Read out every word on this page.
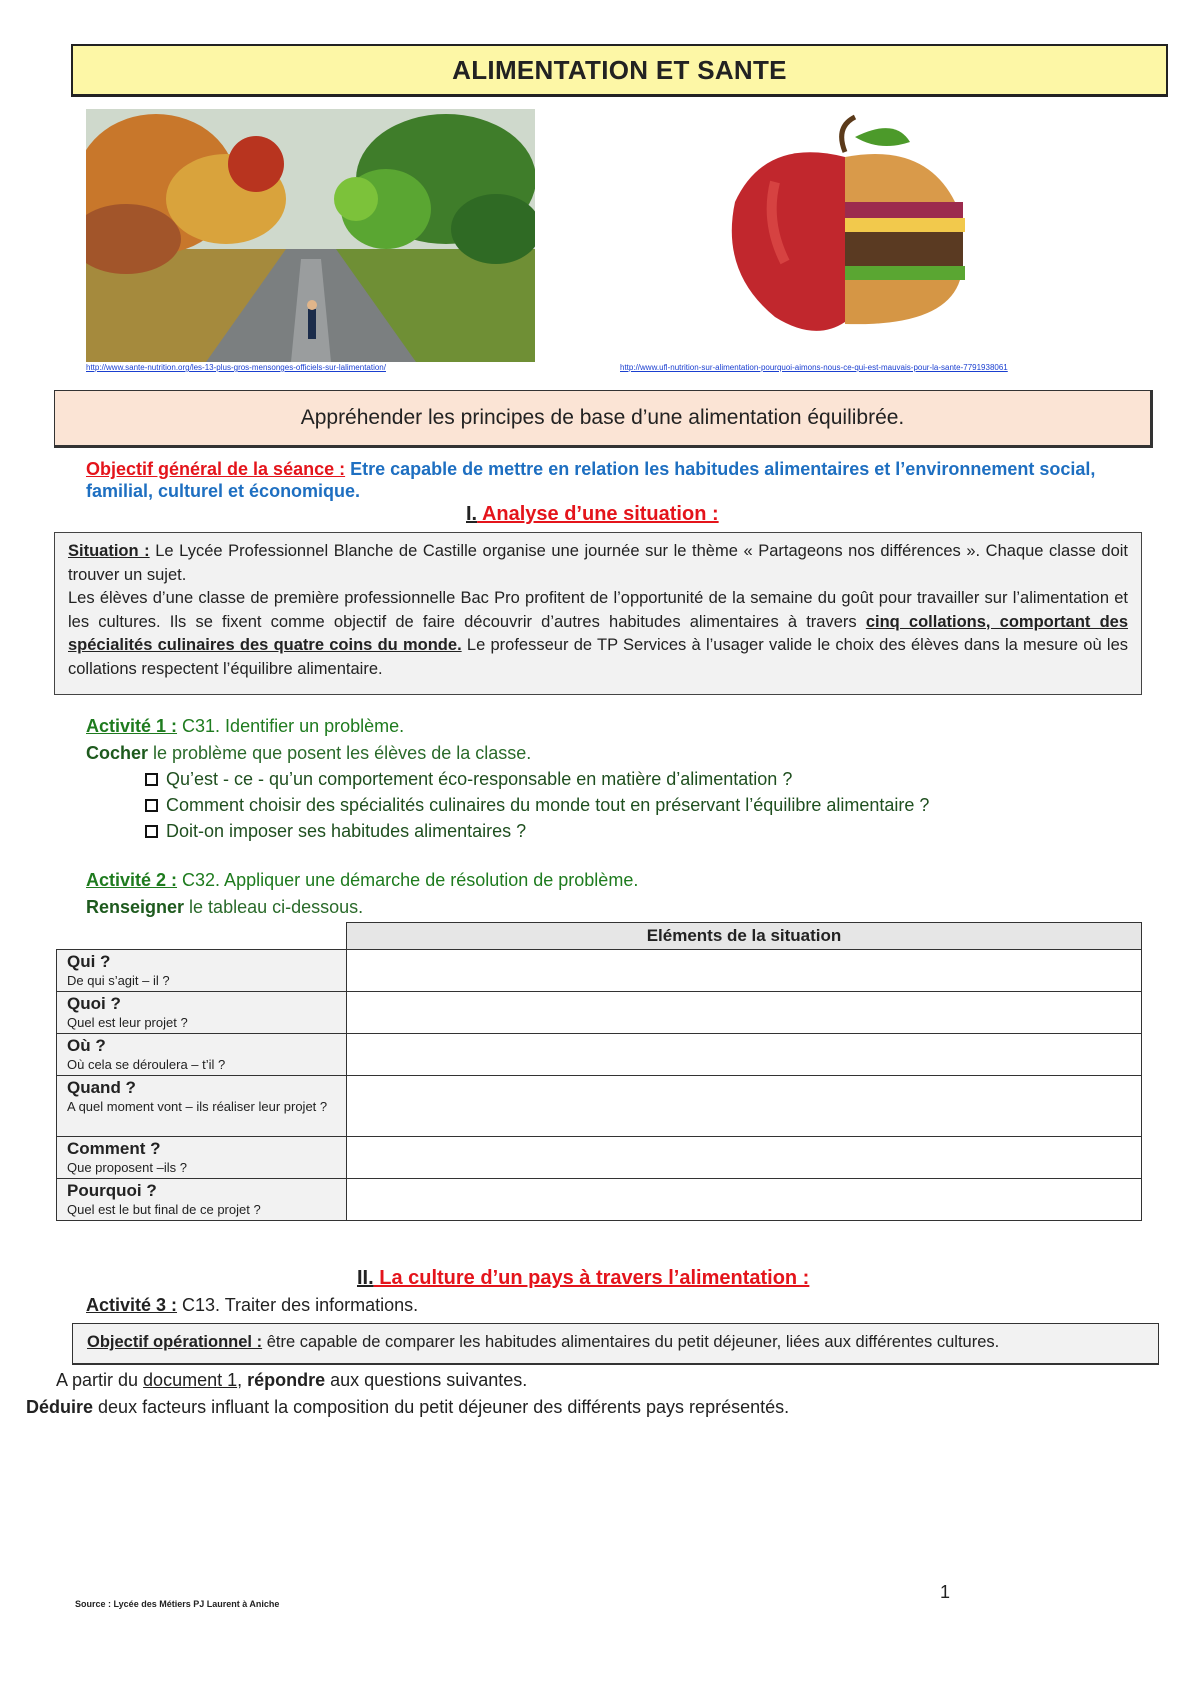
ALIMENTATION ET SANTE
http://www.sante-nutrition.org/les-13-plus-gros-mensonges-officiels-sur-lalimentation/	http://www.ufl-nutrition-sur-alimentation-pourquoi-aimons-nous-ce-qui-est-mauvais-pour-la-sante-7791938061
Appréhender les principes de base d’une alimentation équilibrée.
Objectif général de la séance : Etre capable de mettre en relation les habitudes alimentaires et l’environnement social, familial, culturel et économique.
I. Analyse d’une situation :
Situation : Le Lycée Professionnel Blanche de Castille organise une journée sur le thème « Partageons nos différences ». Chaque classe doit trouver un sujet.
Les élèves d’une classe de première professionnelle Bac Pro profitent de l’opportunité de la semaine du goût pour travailler sur l’alimentation et les cultures. Ils se fixent comme objectif de faire découvrir d’autres habitudes alimentaires à travers cinq collations, comportant des spécialités culinaires des quatre coins du monde. Le professeur de TP Services à l’usager valide le choix des élèves dans la mesure où les collations respectent l’équilibre alimentaire.
Activité 1 : C31. Identifier un problème.
Cocher le problème que posent les élèves de la classe.
Qu’est - ce - qu’un comportement éco-responsable en matière d’alimentation ?
Comment choisir des spécialités culinaires du monde tout en préservant l’équilibre alimentaire ?
Doit-on imposer ses habitudes alimentaires ?
Activité 2 : C32. Appliquer une démarche de résolution de problème.
Renseigner le tableau ci-dessous.
	Eléments de la situation

Qui ?
De qui s’agit – il ?	

Quoi ?
Quel est leur projet ?	

Où ?
Où cela se déroulera – t’il ?	

Quand ?
A quel moment vont – ils réaliser leur projet ?	

Comment ?
Que proposent –ils ?	

Pourquoi ?
Quel est le but final de ce projet ?	

II. La culture d’un pays à travers l’alimentation :
Activité 3 : C13. Traiter des informations.
Objectif opérationnel : être capable de comparer les habitudes alimentaires du petit déjeuner, liées aux différentes cultures.
A partir du document 1, répondre aux questions suivantes.
Déduire deux facteurs influant la composition du petit déjeuner des différents pays représentés.
Source : Lycée des Métiers PJ Laurent à Aniche
1
